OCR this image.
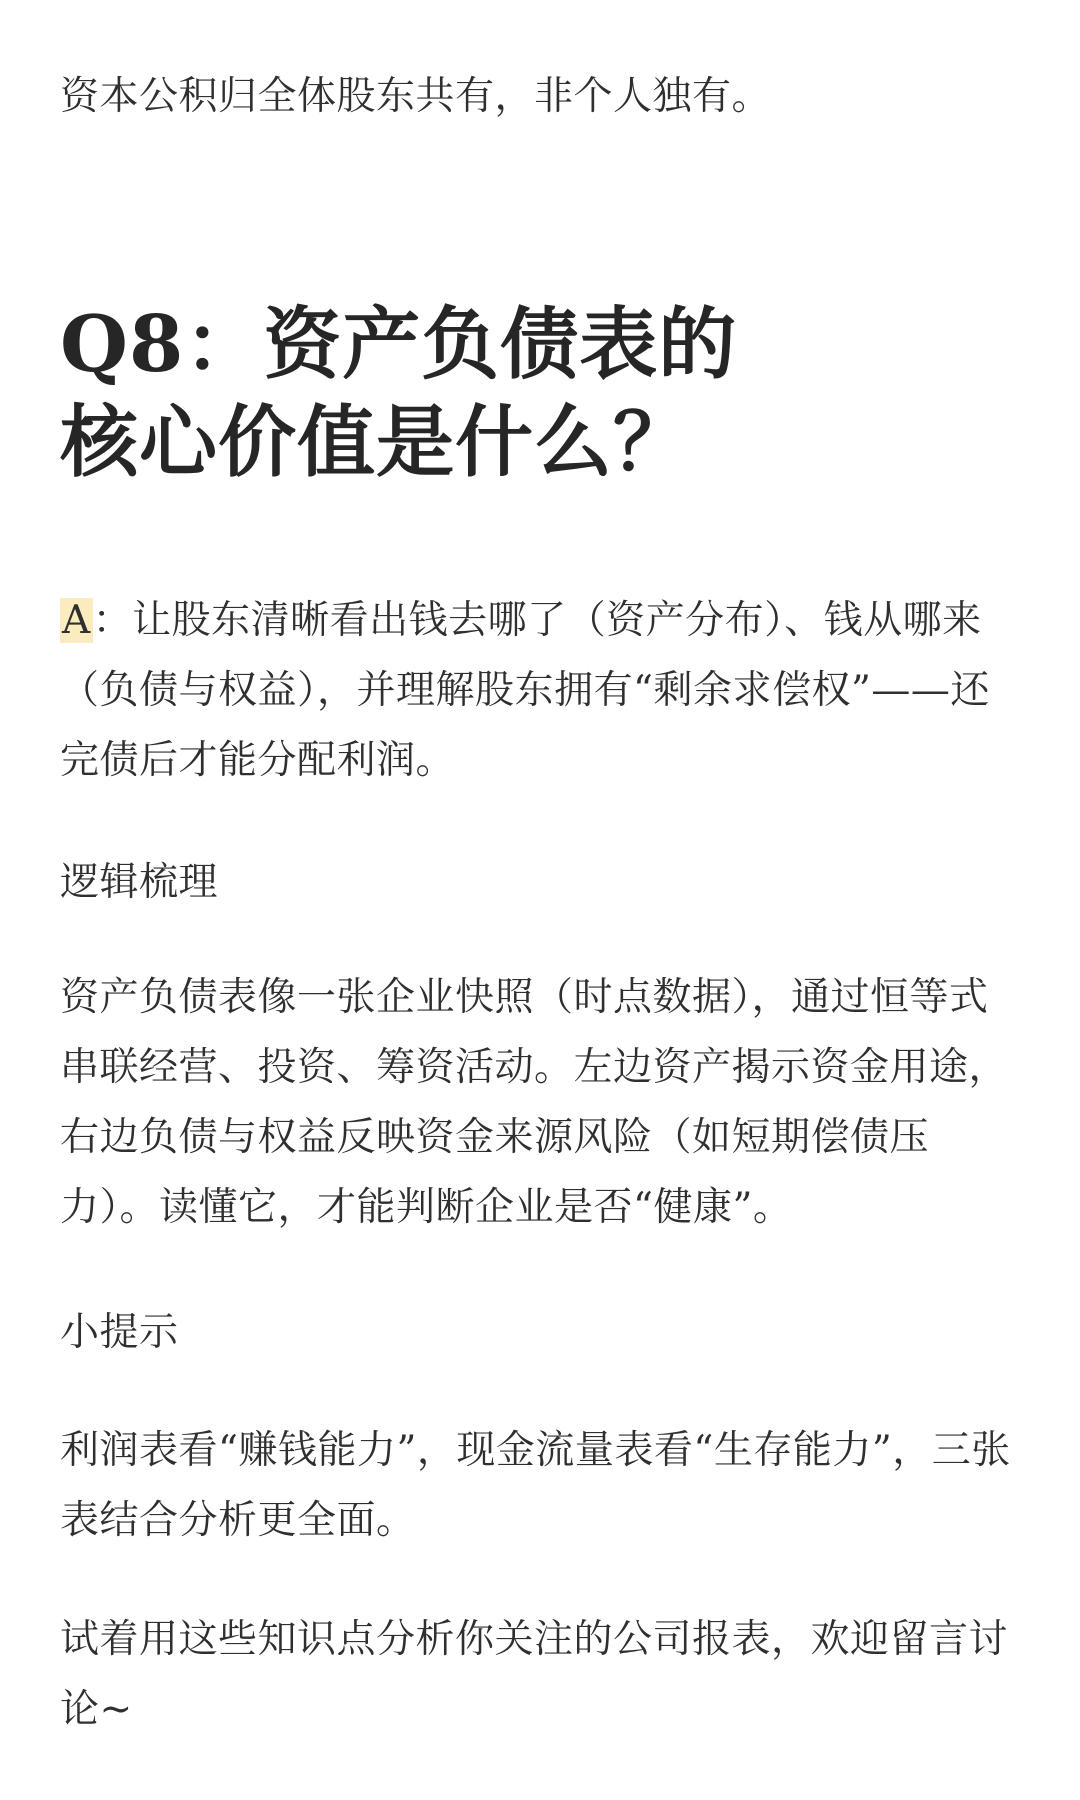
资本公积归全体股东共有，非个人独有。

Q8：资产负债表的
核心价值是什么？

A：让股东清晰看出钱去哪了（资产分布）、钱从哪来（负债与权益），并理解股东拥有“剩余求偿权”——还完债后才能分配利润。

逻辑梳理

资产负债表像一张企业快照（时点数据），通过恒等式串联经营、投资、筹资活动。左边资产揭示资金用途，右边负债与权益反映资金来源风险（如短期偿债压力）。读懂它，才能判断企业是否“健康”。

小提示

利润表看“赚钱能力”，现金流量表看“生存能力”，三张表结合分析更全面。

试着用这些知识点分析你关注的公司报表，欢迎留言讨论~
